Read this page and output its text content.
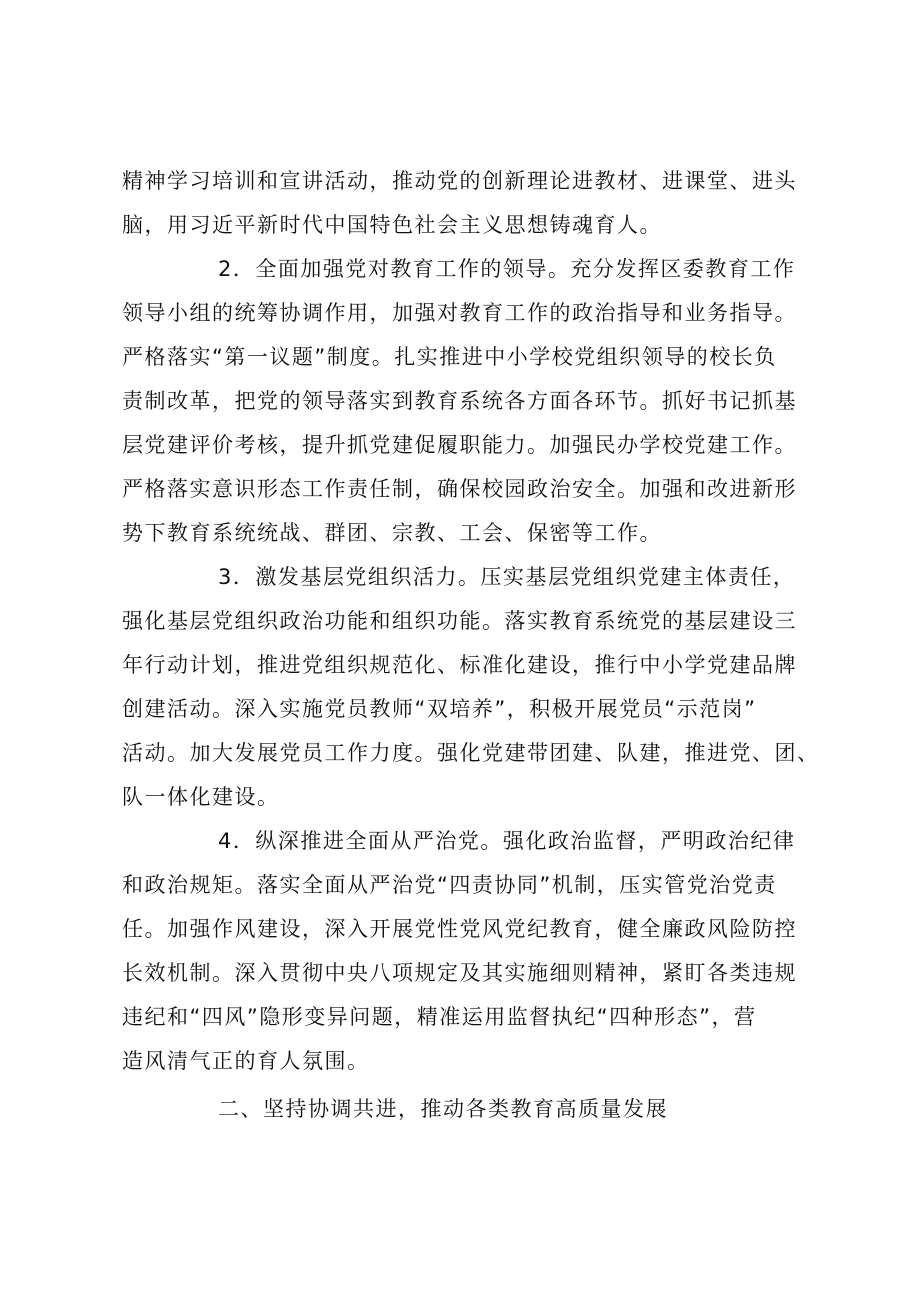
精神学习培训和宣讲活动，推动党的创新理论进教材、进课堂、进头
脑，用习近平新时代中国特色社会主义思想铸魂育人。
2．全面加强党对教育工作的领导。充分发挥区委教育工作
领导小组的统筹协调作用，加强对教育工作的政治指导和业务指导。
严格落实“第一议题”制度。扎实推进中小学校党组织领导的校长负
责制改革，把党的领导落实到教育系统各方面各环节。抓好书记抓基
层党建评价考核，提升抓党建促履职能力。加强民办学校党建工作。
严格落实意识形态工作责任制，确保校园政治安全。加强和改进新形
势下教育系统统战、群团、宗教、工会、保密等工作。
3．激发基层党组织活力。压实基层党组织党建主体责任，
强化基层党组织政治功能和组织功能。落实教育系统党的基层建设三
年行动计划，推进党组织规范化、标准化建设，推行中小学党建品牌
创建活动。深入实施党员教师“双培养”，积极开展党员“示范岗”
活动。加大发展党员工作力度。强化党建带团建、队建，推进党、团、
队一体化建设。
4．纵深推进全面从严治党。强化政治监督，严明政治纪律
和政治规矩。落实全面从严治党“四责协同”机制，压实管党治党责
任。加强作风建设，深入开展党性党风党纪教育，健全廉政风险防控
长效机制。深入贯彻中央八项规定及其实施细则精神，紧盯各类违规
违纪和“四风”隐形变异问题，精准运用监督执纪“四种形态”，营
造风清气正的育人氛围。
二、坚持协调共进，推动各类教育高质量发展
